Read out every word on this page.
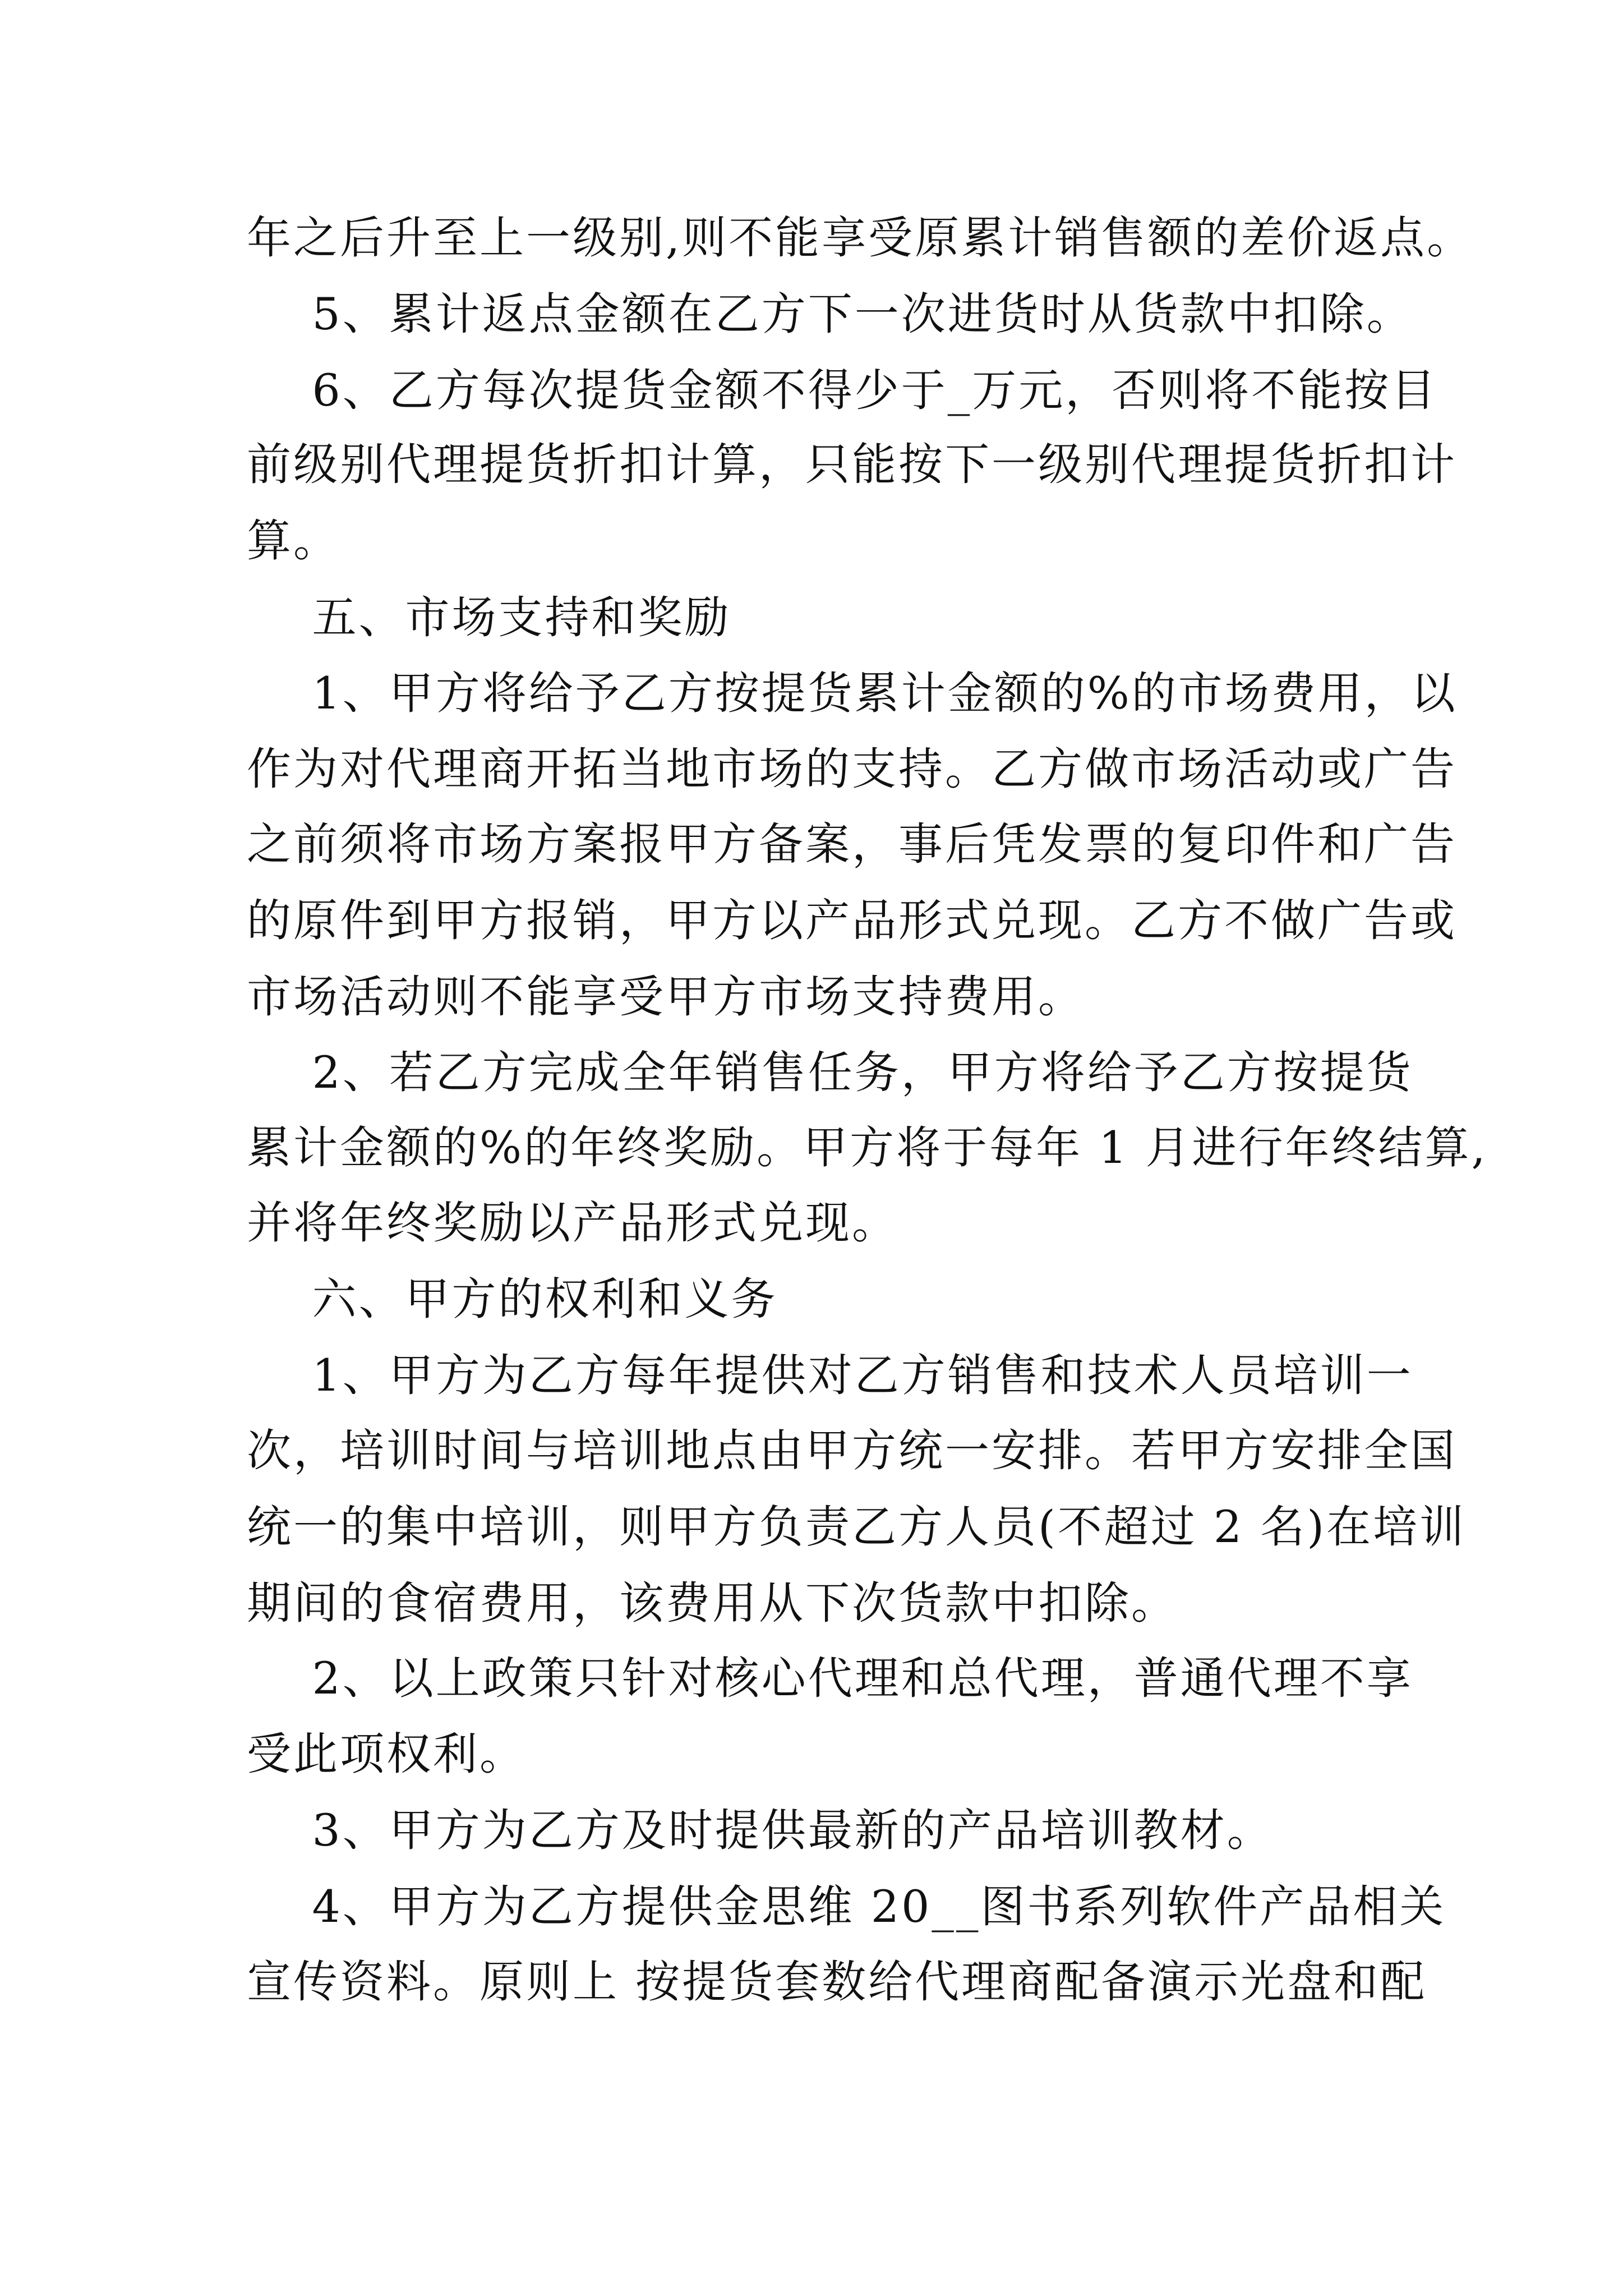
年之后升至上一级别,则不能享受原累计销售额的差价返点。
5、累计返点金额在乙方下一次进货时从货款中扣除。
6、乙方每次提货金额不得少于_万元，否则将不能按目
前级别代理提货折扣计算，只能按下一级别代理提货折扣计
算。
五、市场支持和奖励
1、甲方将给予乙方按提货累计金额的%的市场费用，以
作为对代理商开拓当地市场的支持。乙方做市场活动或广告
之前须将市场方案报甲方备案，事后凭发票的复印件和广告
的原件到甲方报销，甲方以产品形式兑现。乙方不做广告或
市场活动则不能享受甲方市场支持费用。
2、若乙方完成全年销售任务，甲方将给予乙方按提货
累计金额的%的年终奖励。甲方将于每年 1 月进行年终结算,
并将年终奖励以产品形式兑现。
六、甲方的权利和义务
1、甲方为乙方每年提供对乙方销售和技术人员培训一
次，培训时间与培训地点由甲方统一安排。若甲方安排全国
统一的集中培训，则甲方负责乙方人员(不超过 2 名)在培训
期间的食宿费用，该费用从下次货款中扣除。
2、以上政策只针对核心代理和总代理，普通代理不享
受此项权利。
3、甲方为乙方及时提供最新的产品培训教材。
4、甲方为乙方提供金思维 20__图书系列软件产品相关
宣传资料。原则上 按提货套数给代理商配备演示光盘和配
